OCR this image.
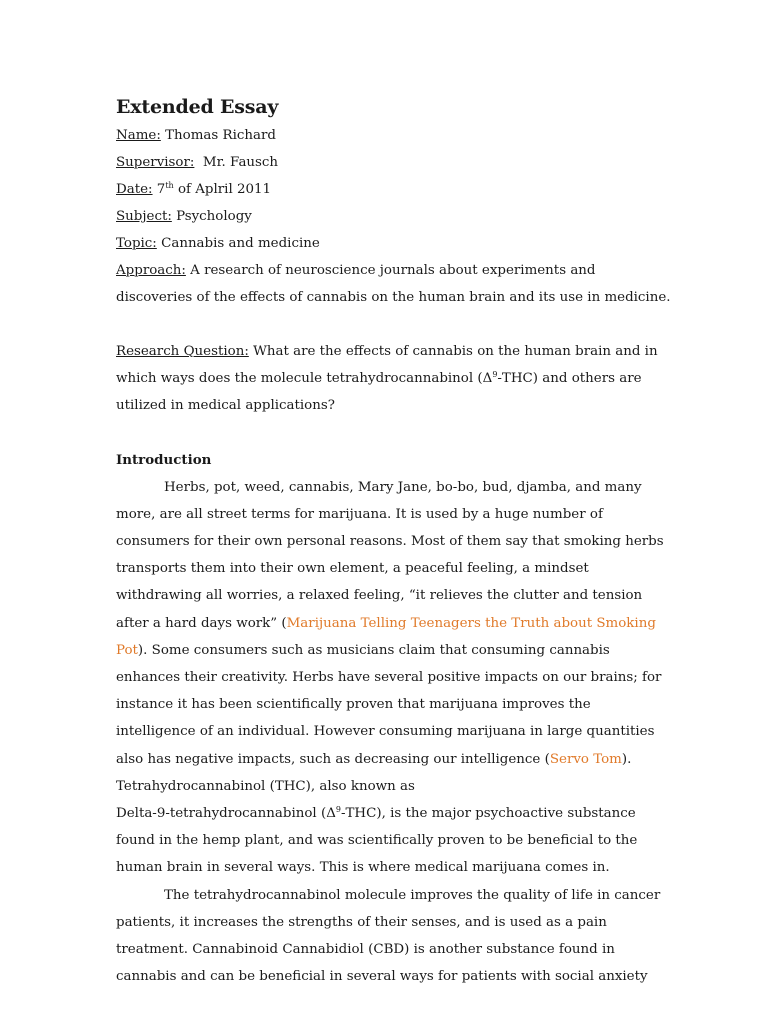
Extended Essay
Name: Thomas Richard
Supervisor:  Mr. Fausch
Date: 7th of Aplril 2011
Subject: Psychology
Topic: Cannabis and medicine
Approach: A research of neuroscience journals about experiments and
discoveries of the effects of cannabis on the human brain and its use in medicine.
Research Question: What are the effects of cannabis on the human brain and in
which ways does the molecule tetrahydrocannabinol $(\Delta^9-THC)$ and others are
utilized in medical applications?
Introduction
Herbs, pot, weed, cannabis, Mary Jane, bo-bo, bud, djamba, and many
more, are all street terms for marijuana. It is used by a huge number of
consumers for their own personal reasons. Most of them say that smoking herbs
transports them into their own element, a peaceful feeling, a mindset
withdrawing all worries, a relaxed feeling, “it relieves the clutter and tension
after a hard days work” (Marijuana Telling Teenagers the Truth about Smoking
Pot). Some consumers such as musicians claim that consuming cannabis
enhances their creativity. Herbs have several positive impacts on our brains; for
instance it has been scientifically proven that marijuana improves the
intelligence of an individual. However consuming marijuana in large quantities
also has negative impacts, such as decreasing our intelligence (Servo Tom).
Tetrahydrocannabinol (THC), also known as
Delta-9-tetrahydrocannabinol $(\Delta^9-THC)$, is the major psychoactive substance
found in the hemp plant, and was scientifically proven to be beneficial to the
human brain in several ways. This is where medical marijuana comes in.
The tetrahydrocannabinol molecule improves the quality of life in cancer
patients, it increases the strengths of their senses, and is used as a pain
treatment. Cannabinoid Cannabidiol (CBD) is another substance found in
cannabis and can be beneficial in several ways for patients with social anxiety
